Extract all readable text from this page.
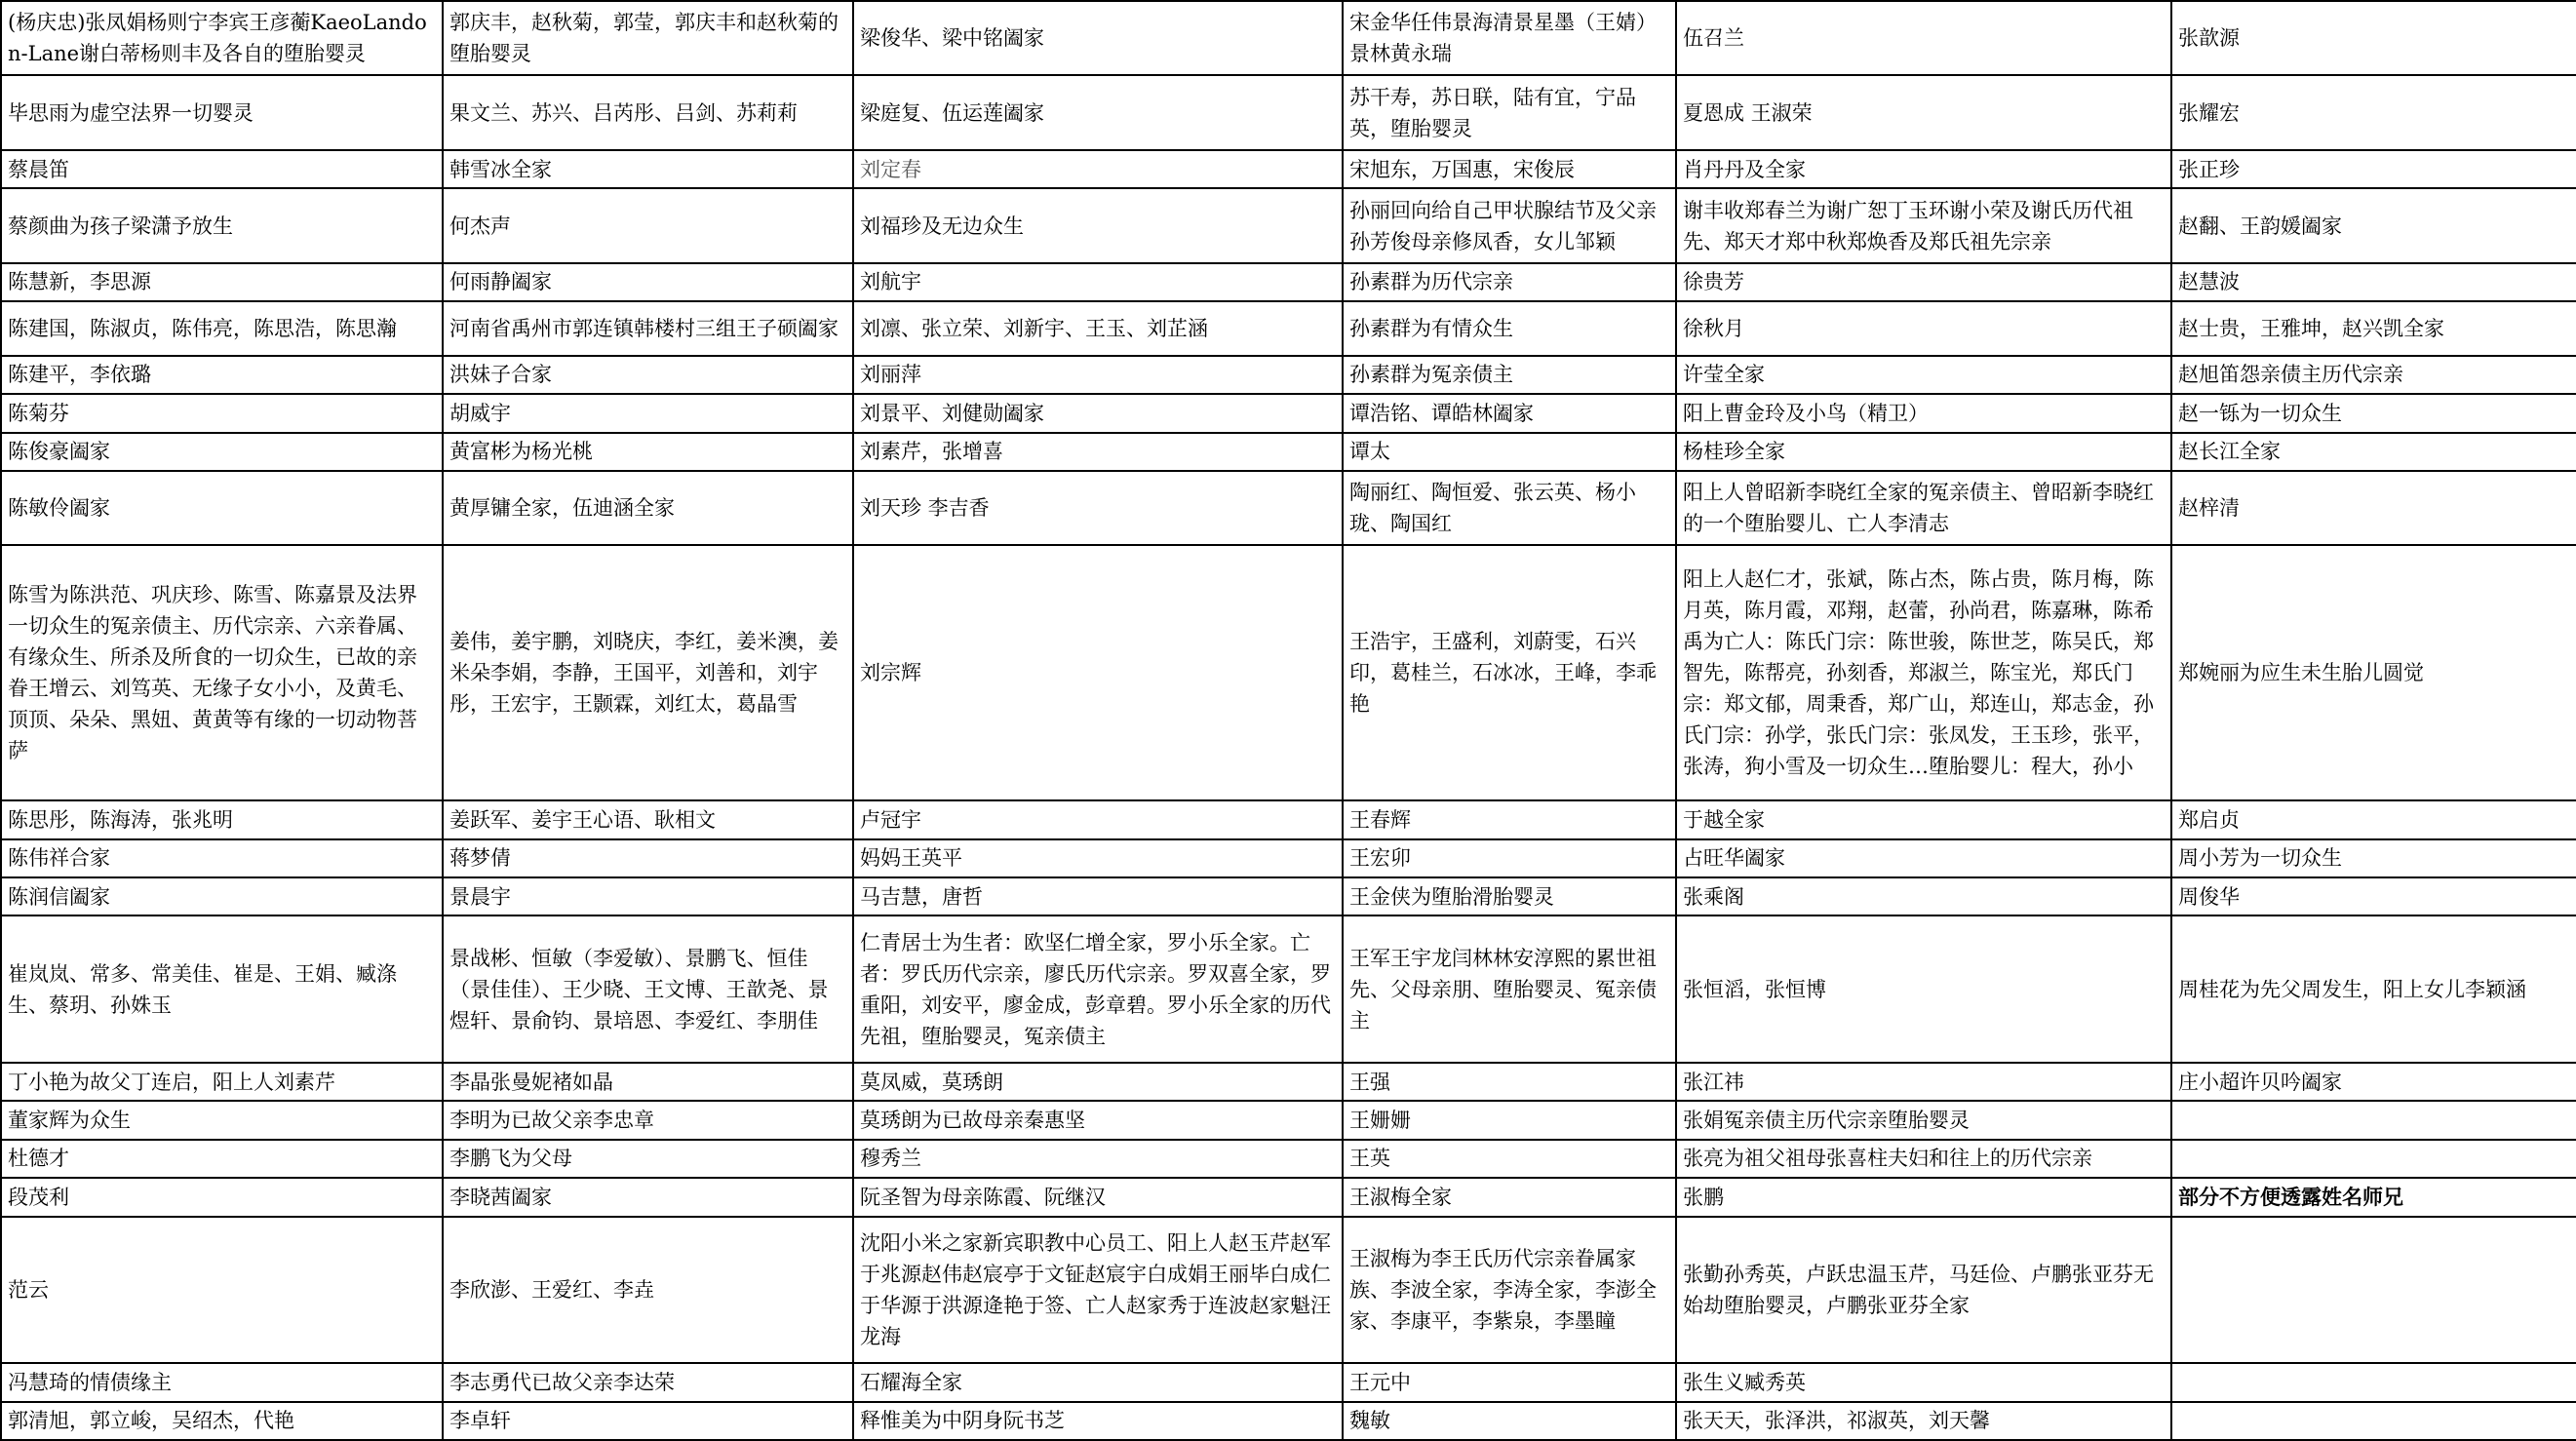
(杨庆忠)张凤娟杨则宁李宾王彦蘅KaeoLandon-Lane谢白蒂杨则丰及各自的堕胎婴灵	郭庆丰，赵秋菊，郭莹，郭庆丰和赵秋菊的堕胎婴灵	梁俊华、梁中铭阖家	宋金华任伟景海清景星墨（王婧）景林黄永瑞	伍召兰	张歆源
毕思雨为虚空法界一切婴灵	果文兰、苏兴、吕芮彤、吕剑、苏莉莉	梁庭复、伍运莲阖家	苏干寿，苏日联，陆有宜，宁品英，堕胎婴灵	夏恩成 王淑荣	张耀宏
蔡晨笛	韩雪冰全家	刘定春	宋旭东，万国惠，宋俊辰	肖丹丹及全家	张正珍
蔡颜曲为孩子梁潇予放生	何杰声	刘福珍及无边众生	孙丽回向给自己甲状腺结节及父亲孙芳俊母亲修凤香，女儿邹颖	谢丰收郑春兰为谢广恕丁玉环谢小荣及谢氏历代祖先、郑天才郑中秋郑焕香及郑氏祖先宗亲	赵翻、王韵媛阖家
陈慧新，李思源	何雨静阖家	刘航宇	孙素群为历代宗亲	徐贵芳	赵慧波
陈建国，陈淑贞，陈伟亮，陈思浩，陈思瀚	河南省禹州市郭连镇韩楼村三组王子硕阖家	刘凛、张立荣、刘新宇、王玉、刘芷涵	孙素群为有情众生	徐秋月	赵士贵，王雅坤，赵兴凯全家
陈建平，李依璐	洪妹子合家	刘丽萍	孙素群为冤亲债主	许莹全家	赵旭笛怨亲债主历代宗亲
陈菊芬	胡威宇	刘景平、刘健勋阖家	谭浩铭、谭皓林阖家	阳上曹金玲及小鸟（精卫）	赵一铄为一切众生
陈俊豪阖家	黄富彬为杨光桃	刘素芹，张增喜	谭太	杨桂珍全家	赵长江全家
陈敏伶阖家	黄厚镛全家，伍迪涵全家	刘天珍 李吉香	陶丽红、陶恒爱、张云英、杨小珑、陶国红	阳上人曾昭新李晓红全家的冤亲债主、曾昭新李晓红的一个堕胎婴儿、亡人李清志	赵梓清
陈雪为陈洪范、巩庆珍、陈雪、陈嘉景及法界一切众生的冤亲债主、历代宗亲、六亲眷属、有缘众生、所杀及所食的一切众生，已故的亲眷王增云、刘笃英、无缘子女小小，及黄毛、顶顶、朵朵、黑妞、黄黄等有缘的一切动物菩萨	姜伟，姜宇鹏，刘晓庆，李红，姜米澳，姜米朵李娟，李静，王国平，刘善和，刘宇彤，王宏宇，王颢霖，刘红太，葛晶雪	刘宗辉	王浩宇，王盛利，刘蔚雯，石兴印，葛桂兰，石冰冰，王峰，李乖艳	阳上人赵仁才，张斌，陈占杰，陈占贵，陈月梅，陈月英，陈月霞，邓翔，赵蕾，孙尚君，陈嘉琳，陈希禹为亡人：陈氏门宗：陈世骏，陈世芝，陈吴氏，郑智先，陈帮亮，孙刻香，郑淑兰，陈宝光，郑氏门宗：郑文郁，周秉香，郑广山，郑连山，郑志金，孙氏门宗：孙学，张氏门宗：张凤发，王玉珍，张平，张涛，狗小雪及一切众生…堕胎婴儿：程大，孙小	郑婉丽为应生未生胎儿圆觉
陈思彤，陈海涛，张兆明	姜跃军、姜宇王心语、耿相文	卢冠宇	王春辉	于越全家	郑启贞
陈伟祥合家	蒋梦倩	妈妈王英平	王宏卯	占旺华阖家	周小芳为一切众生
陈润信阖家	景晨宇	马吉慧，唐哲	王金侠为堕胎滑胎婴灵	张乘阁	周俊华
崔岚岚、常多、常美佳、崔是、王娟、臧涤生、蔡玥、孙姝玉	景战彬、恒敏（李爱敏）、景鹏飞、恒佳（景佳佳）、王少晓、王文博、王歆尧、景煜轩、景俞钧、景培恩、李爱红、李朋佳	仁青居士为生者：欧坚仁增全家，罗小乐全家。亡者：罗氏历代宗亲，廖氏历代宗亲。罗双喜全家，罗重阳，刘安平，廖金成，彭章碧。罗小乐全家的历代先祖，堕胎婴灵，冤亲债主	王军王宇龙闫林林安淳熙的累世祖先、父母亲朋、堕胎婴灵、冤亲债主	张恒滔，张恒博	周桂花为先父周发生，阳上女儿李颖涵
丁小艳为故父丁连启，阳上人刘素芹	李晶张曼妮褚如晶	莫凤威，莫琇朗	王强	张江祎	庄小超许贝吟阖家
董家辉为众生	李明为已故父亲李忠章	莫琇朗为已故母亲秦惠坚	王姗姗	张娟冤亲债主历代宗亲堕胎婴灵	
杜德才	李鹏飞为父母	穆秀兰	王英	张亮为祖父祖母张喜柱夫妇和往上的历代宗亲	
段茂利	李晓茜阖家	阮圣智为母亲陈霞、阮继汉	王淑梅全家	张鹏	部分不方便透露姓名师兄
范云	李欣澎、王爱红、李垚	沈阳小米之家新宾职教中心员工、阳上人赵玉芹赵军于兆源赵伟赵宸亭于文钲赵宸宇白成娟王丽毕白成仁于华源于洪源逄艳于签、亡人赵家秀于连波赵家魁汪龙海	王淑梅为李王氏历代宗亲眷属家族、李波全家，李涛全家，李澎全家、李康平，李紫泉，李墨瞳	张勤孙秀英，卢跃忠温玉芹，马廷俭、卢鹏张亚芬无始劫堕胎婴灵，卢鹏张亚芬全家	
冯慧琦的情债缘主	李志勇代已故父亲李达荣	石耀海全家	王元中	张生义臧秀英	
郭清旭，郭立峻，吴绍杰，代艳	李卓轩	释惟美为中阴身阮书芝	魏敏	张天天，张泽洪，祁淑英，刘天馨	
